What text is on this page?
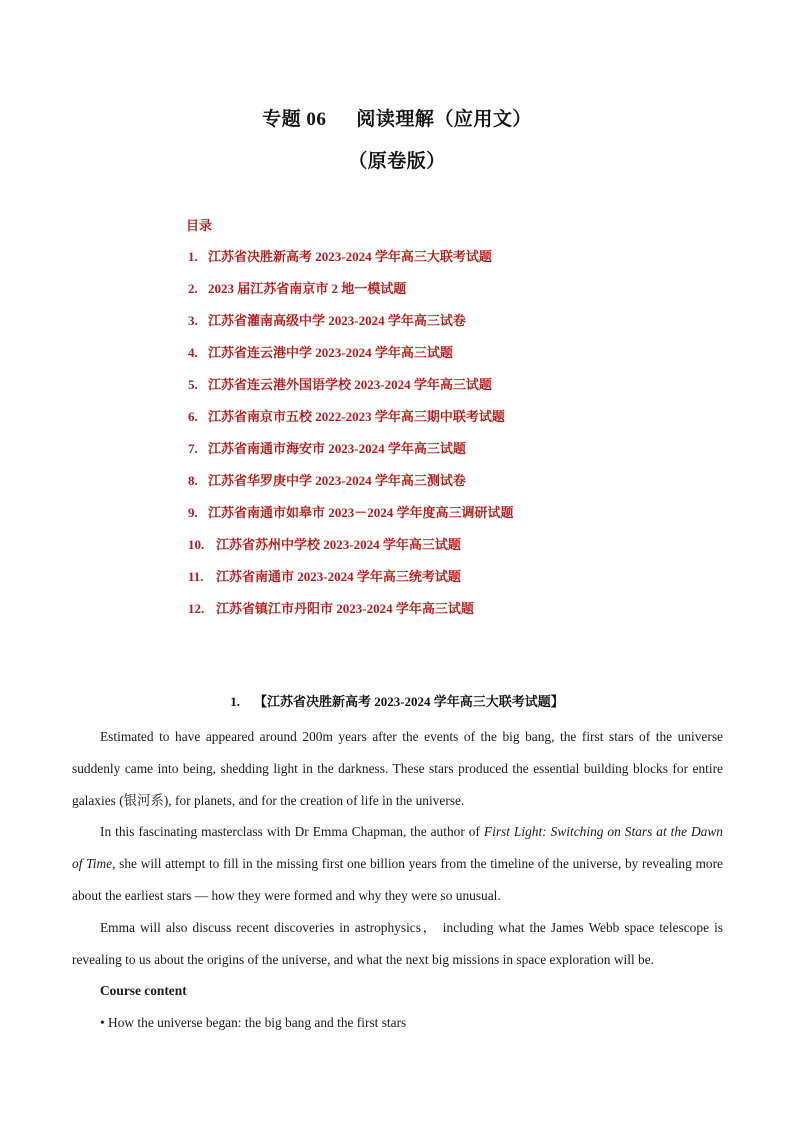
专题 06 阅读理解（应用文）
（原卷版）
目录
1. 江苏省决胜新高考 2023-2024 学年高三大联考试题
2. 2023 届江苏省南京市 2 地一模试题
3. 江苏省灌南高级中学 2023-2024 学年高三试卷
4. 江苏省连云港中学 2023-2024 学年高三试题
5. 江苏省连云港外国语学校 2023-2024 学年高三试题
6. 江苏省南京市五校 2022-2023 学年高三期中联考试题
7. 江苏省南通市海安市 2023-2024 学年高三试题
8. 江苏省华罗庚中学 2023-2024 学年高三测试卷
9. 江苏省南通市如皋市 2023－2024 学年度高三调研试题
10. 江苏省苏州中学校 2023-2024 学年高三试题
11. 江苏省南通市 2023-2024 学年高三统考试题
12. 江苏省镇江市丹阳市 2023-2024 学年高三试题
1. 【江苏省决胜新高考 2023-2024 学年高三大联考试题】

Estimated to have appeared around 200m years after the events of the big bang, the first stars of the universe suddenly came into being, shedding light in the darkness. These stars produced the essential building blocks for entire galaxies (银河系), for planets, and for the creation of life in the universe.

In this fascinating masterclass with Dr Emma Chapman, the author of First Light: Switching on Stars at the Dawn of Time, she will attempt to fill in the missing first one billion years from the timeline of the universe, by revealing more about the earliest stars — how they were formed and why they were so unusual.

Emma will also discuss recent discoveries in astrophysics， including what the James Webb space telescope is revealing to us about the origins of the universe, and what the next big missions in space exploration will be.

Course content

• How the universe began: the big bang and the first stars
